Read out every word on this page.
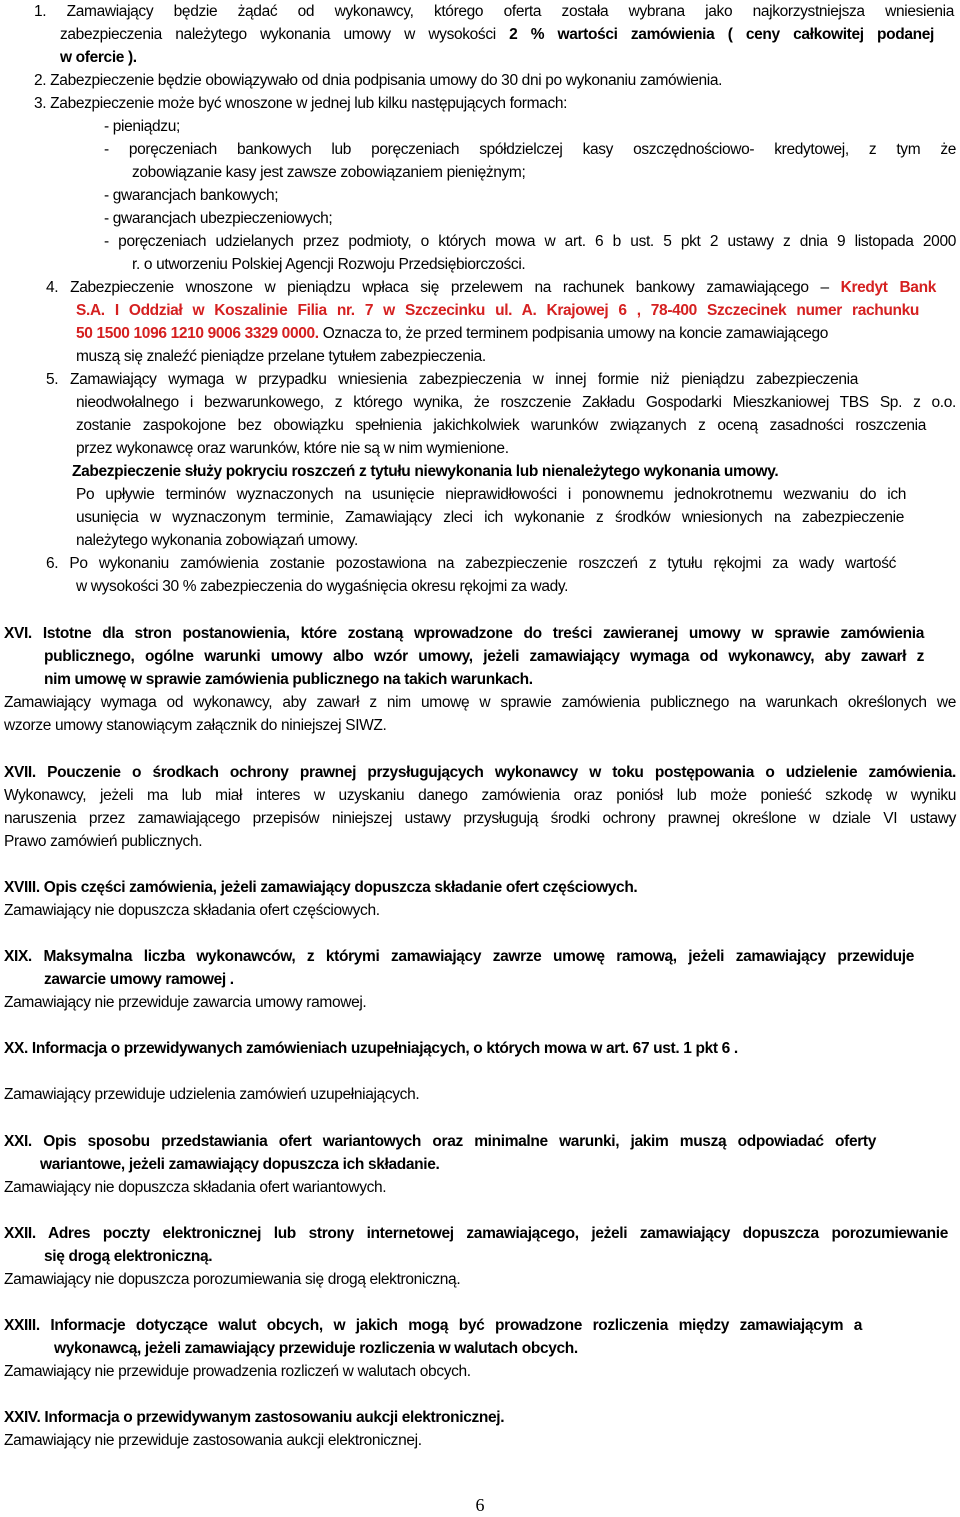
1. Zamawiający będzie żądać od wykonawcy, którego oferta została wybrana jako najkorzystniejsza wniesienia
zabezpieczenia należytego wykonania umowy w wysokości 2 % wartości zamówienia ( ceny całkowitej podanej
w ofercie ).
2. Zabezpieczenie będzie obowiązywało od dnia podpisania umowy do 30 dni po wykonaniu zamówienia.
3. Zabezpieczenie może być wnoszone w jednej lub kilku następujących formach:
- pieniądzu;
- poręczeniach bankowych lub poręczeniach spółdzielczej kasy oszczędnościowo- kredytowej, z tym że
zobowiązanie kasy jest zawsze zobowiązaniem pieniężnym;
- gwarancjach bankowych;
- gwarancjach ubezpieczeniowych;
- poręczeniach udzielanych przez podmioty, o których mowa w art. 6 b ust. 5 pkt 2 ustawy z dnia 9 listopada 2000
r. o utworzeniu Polskiej Agencji Rozwoju Przedsiębiorczości.
4. Zabezpieczenie wnoszone w pieniądzu wpłaca się przelewem na rachunek bankowy zamawiającego – Kredyt Bank
S.A. I Oddział w Koszalinie Filia nr. 7 w Szczecinku ul. A. Krajowej 6 , 78-400 Szczecinek numer rachunku
50 1500 1096 1210 9006 3329 0000. Oznacza to, że przed terminem podpisania umowy na koncie zamawiającego
muszą się znaleźć pieniądze przelane tytułem zabezpieczenia.
5. Zamawiający wymaga w przypadku wniesienia zabezpieczenia w innej formie niż pieniądzu zabezpieczenia
nieodwołalnego i bezwarunkowego, z którego wynika, że roszczenie Zakładu Gospodarki Mieszkaniowej TBS Sp. z o.o.
zostanie zaspokojone bez obowiązku spełnienia jakichkolwiek warunków związanych z oceną zasadności roszczenia
przez wykonawcę oraz warunków, które nie są w nim wymienione.
Zabezpieczenie służy pokryciu roszczeń z tytułu niewykonania lub nienależytego wykonania umowy.
Po upływie terminów wyznaczonych na usunięcie nieprawidłowości i ponownemu jednokrotnemu wezwaniu do ich
usunięcia w wyznaczonym terminie, Zamawiający zleci ich wykonanie z środków wniesionych na zabezpieczenie
należytego wykonania zobowiązań umowy.
6. Po wykonaniu zamówienia zostanie pozostawiona na zabezpieczenie roszczeń z tytułu rękojmi za wady wartość
w wysokości 30 % zabezpieczenia do wygaśnięcia okresu rękojmi za wady.
XVI. Istotne dla stron postanowienia, które zostaną wprowadzone do treści zawieranej umowy w sprawie zamówienia
publicznego, ogólne warunki umowy albo wzór umowy, jeżeli zamawiający wymaga od wykonawcy, aby zawarł z
nim umowę w sprawie zamówienia publicznego na takich warunkach.
Zamawiający wymaga od wykonawcy, aby zawarł z nim umowę w sprawie zamówienia publicznego na warunkach określonych we
wzorze umowy stanowiącym załącznik do niniejszej SIWZ.
XVII. Pouczenie o środkach ochrony prawnej przysługujących wykonawcy w toku postępowania o udzielenie zamówienia.
Wykonawcy, jeżeli ma lub miał interes w uzyskaniu danego zamówienia oraz poniósł lub może ponieść szkodę w wyniku
naruszenia przez zamawiającego przepisów niniejszej ustawy przysługują środki ochrony prawnej określone w dziale VI ustawy
Prawo zamówień publicznych.
XVIII. Opis części zamówienia, jeżeli zamawiający dopuszcza składanie ofert częściowych.
Zamawiający nie dopuszcza składania ofert częściowych.
XIX. Maksymalna liczba wykonawców, z którymi zamawiający zawrze umowę ramową, jeżeli zamawiający przewiduje
zawarcie umowy ramowej .
Zamawiający nie przewiduje zawarcia umowy ramowej.
XX. Informacja o przewidywanych zamówieniach uzupełniających, o których mowa w art. 67 ust. 1 pkt 6 .
Zamawiający przewiduje udzielenia zamówień uzupełniających.
XXI. Opis sposobu przedstawiania ofert wariantowych oraz minimalne warunki, jakim muszą odpowiadać oferty
wariantowe, jeżeli zamawiający dopuszcza ich składanie.
Zamawiający nie dopuszcza składania ofert wariantowych.
XXII. Adres poczty elektronicznej lub strony internetowej zamawiającego, jeżeli zamawiający dopuszcza porozumiewanie
się drogą elektroniczną.
Zamawiający nie dopuszcza porozumiewania się drogą elektroniczną.
XXIII. Informacje dotyczące walut obcych, w jakich mogą być prowadzone rozliczenia między zamawiającym a
wykonawcą, jeżeli zamawiający przewiduje rozliczenia w walutach obcych.
Zamawiający nie przewiduje prowadzenia rozliczeń w walutach obcych.
XXIV. Informacja o przewidywanym zastosowaniu aukcji elektronicznej.
Zamawiający nie przewiduje zastosowania aukcji elektronicznej.
6
